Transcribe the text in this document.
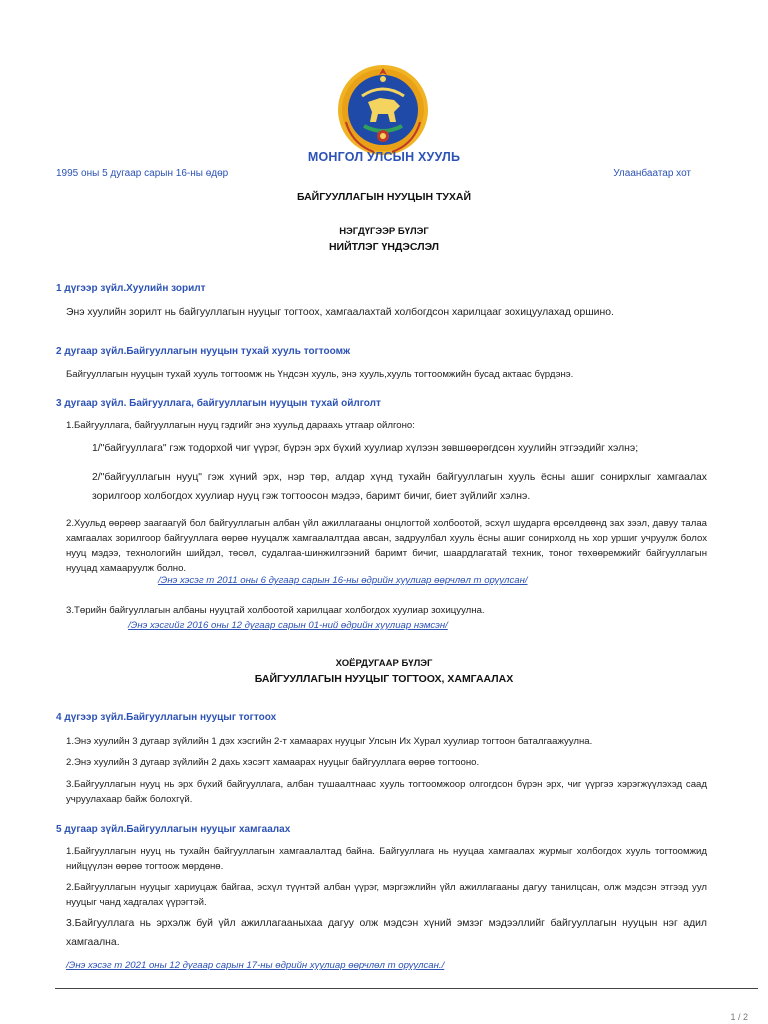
МОНГОЛ УЛСЫН ХУУЛЬ
1995 оны 5 дугаар сарын 16-ны өдөр	Улаанбаатар хот
БАЙГУУЛЛАГЫН НУУЦЫН ТУХАЙ
НЭГДҮГЭЭР БҮЛЭГ
НИЙТЛЭГ ҮНДЭСЛЭЛ
1 дүгээр зүйл.Хуулийн зорилт
Энэ хуулийн зорилт нь байгууллагын нууцыг тогтоох, хамгаалахтай холбогдсон харилцааг зохицуулахад оршино.
2 дугаар зүйл.Байгууллагын нууцын тухай хууль тогтоомж
Байгууллагын нууцын тухай хууль тогтоомж нь Үндсэн хууль, энэ хууль,хууль тогтоомжийн бусад актаас бүрдэнэ.
3 дугаар зүйл. Байгууллага, байгууллагын нууцын тухай ойлголт
1.Байгууллага, байгууллагын нууц гэдгийг энэ хуульд дараахь утгаар ойлгоно:
1/"байгууллага" гэж тодорхой чиг үүрэг, бүрэн эрх бүхий хуулиар хүлээн зөвшөөрөгдсөн хуулийн этгээдийг хэлнэ;
2/"байгууллагын нууц" гэж хүний эрх, нэр төр, алдар хүнд тухайн байгууллагын хууль ёсны ашиг сонирхлыг хамгаалах зорилгоор холбогдох хуулиар нууц гэж тогтоосон мэдээ, баримт бичиг, биет зүйлийг хэлнэ.
2.Хуульд өөрөөр заагаагүй бол байгууллагын албан үйл ажиллагааны онцлогтой холбоотой, эсхүл шударга өрсөлдөөнд зах зээл, давуу талаа хамгаалах зорилгоор байгууллага өөрөө нууцалж хамгаалалтдаа авсан, задруулбал хууль ёсны ашиг сонирхолд нь хор уршиг учруулж болох нууц мэдээ, технологийн шийдэл, төсөл, судалгаа-шинжилгээний баримт бичиг, шаардлагатай техник, тоног төхөөремжийг байгууллагын нууцад хамааруулж болно.
/Энэ хэсэг т 2011 оны 6 дугаар сарын 16-ны өдрийн хуулиар өөрчлөл т оруулсан/
3.Төрийн байгууллагын албаны нууцтай холбоотой харилцааг холбогдох хуулиар зохицуулна.
/Энэ хэсгийг 2016 оны 12 дугаар сарын 01-ний өдрийн хуулиар нэмсэн/
ХОЁРДУГААР БҮЛЭГ
БАЙГУУЛЛАГЫН НУУЦЫГ ТОГТООХ, ХАМГААЛАХ
4 дүгээр зүйл.Байгууллагын нууцыг тогтоох
1.Энэ хуулийн 3 дугаар зүйлийн 1 дэх хэсгийн 2-т хамаарах нууцыг Улсын Их Хурал хуулиар тогтоон баталгаажуулна.
2.Энэ хуулийн 3 дугаар зүйлийн 2 дахь хэсэгт хамаарах нууцыг байгууллага өөрөө тогтооно.
3.Байгууллагын нууц нь эрх бүхий байгууллага, албан тушаалтнаас хууль тогтоомжоор олгогдсон бүрэн эрх, чиг үүргээ хэрэгжүүлэхэд саад учруулахаар байж болохгүй.
5 дугаар зүйл.Байгууллагын нууцыг хамгаалах
1.Байгууллагын нууц нь тухайн байгууллагын хамгаалалтад байна. Байгууллага нь нууцаа хамгаалах журмыг холбогдох хууль тогтоомжид нийцүүлэн өөрөө тогтоож мөрдөнө.
2.Байгууллагын нууцыг хариуцаж байгаа, эсхүл түүнтэй албан үүрэг, мэргэжлийн үйл ажиллагааны дагуу танилцсан, олж мэдсэн этгээд уул нууцыг чанд хадгалах үүрэгтэй.
3.Байгууллага нь эрхэлж буй үйл ажиллагааныхаа дагуу олж мэдсэн хүний эмзэг мэдээллийг байгууллагын нууцын нэг адил хамгаална.
/Энэ хэсэг т 2021 оны 12 дугаар сарын 17-ны өдрийн хуулиар өөрчлөл т оруулсан./
1 / 2
